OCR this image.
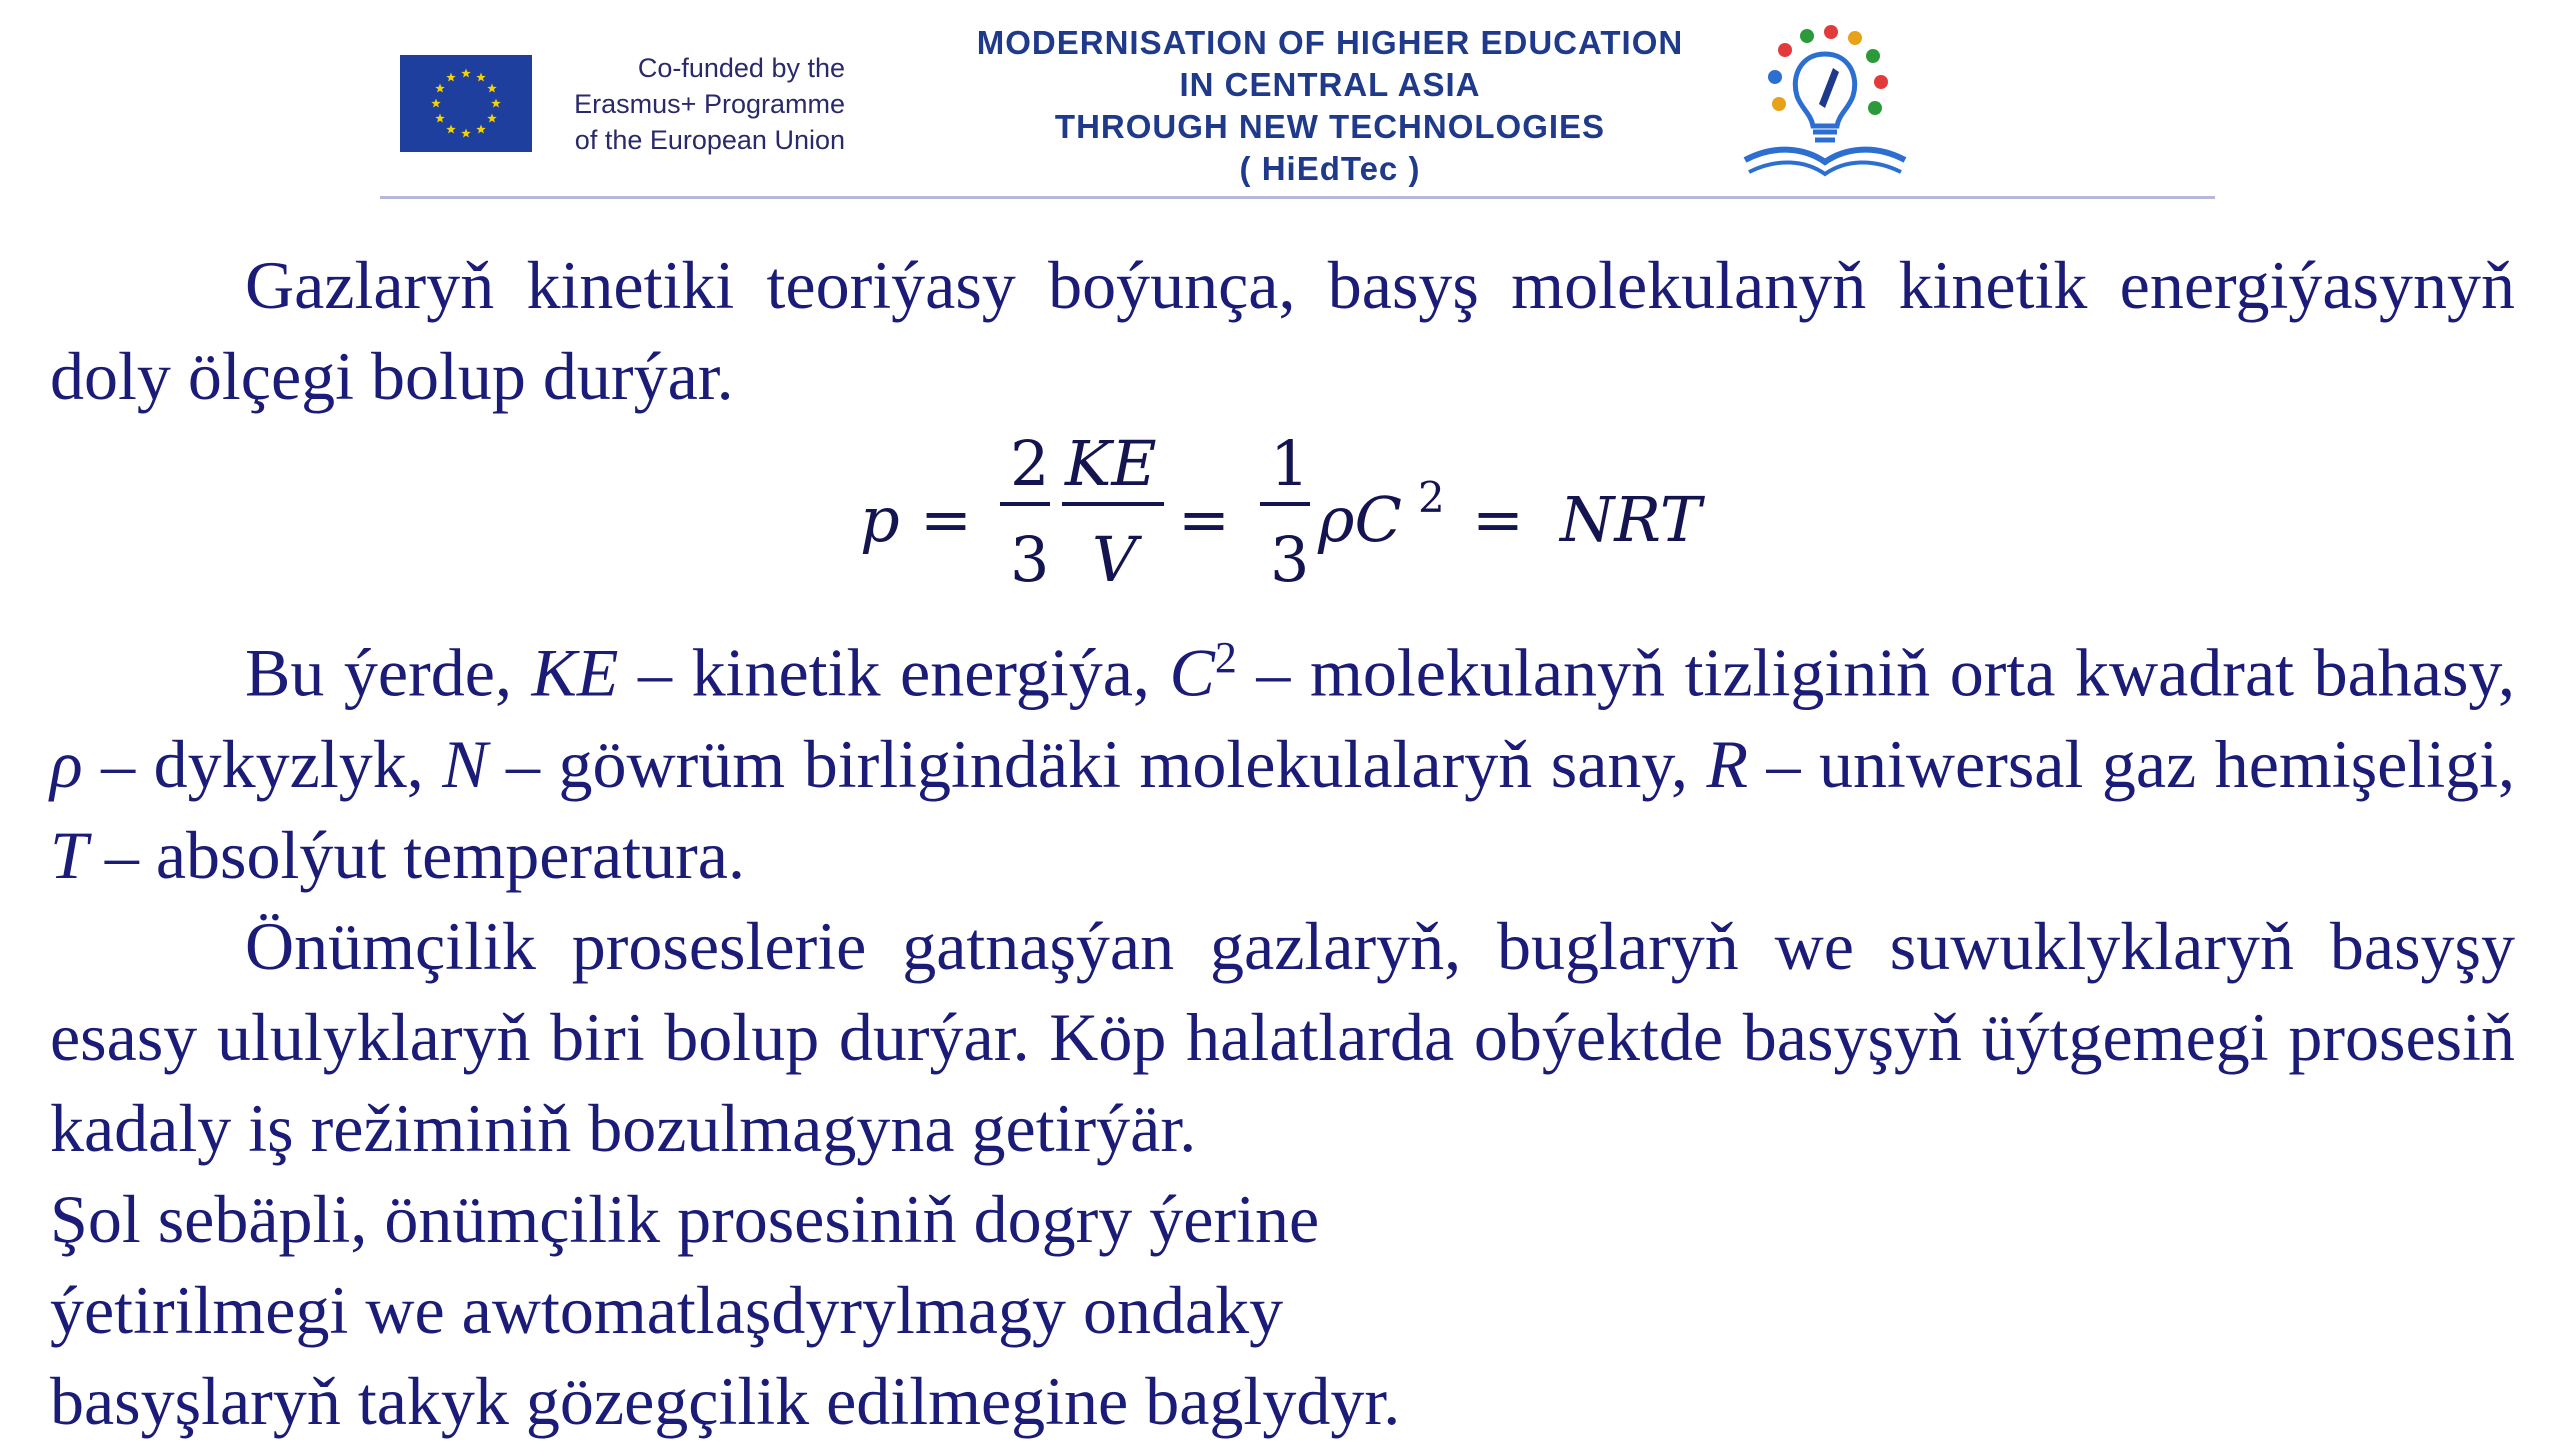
Co-funded by the
Erasmus+ Programme
of the European Union
MODERNISATION OF HIGHER EDUCATION
IN CENTRAL ASIA
THROUGH NEW TECHNOLOGIES
( HiEdTec )

Gazlaryň kinetiki teoriýasy boýunça, basyş molekulanyň kinetik energiýasynyň doly ölçegi bolup durýar.

p =
2
3
KE
V
=
1
3
ρC 2 = NRT

Bu ýerde, KE – kinetik energiýa, $C^2$ – molekulanyň tizliginiň orta kwadrat bahasy, ρ – dykyzlyk, N – göwrüm birligindäki molekulalaryň sany, R – uniwersal gaz hemişeligi, T – absolýut temperatura.

Önümçilik proseslerie gatnaşýan gazlaryň, buglaryň we suwuklyklaryň basyşy esasy ululyklaryň biri bolup durýar. Köp halatlarda obýektde basyşyň üýtgemegi prosesiň kadaly iş režiminiň bozulmagyna getirýär.

Şol sebäpli, önümçilik prosesiniň dogry ýerine

ýetirilmegi we awtomatlaşdyrylmagy ondaky

basyşlaryň takyk gözegçilik edilmegine baglydyr.
